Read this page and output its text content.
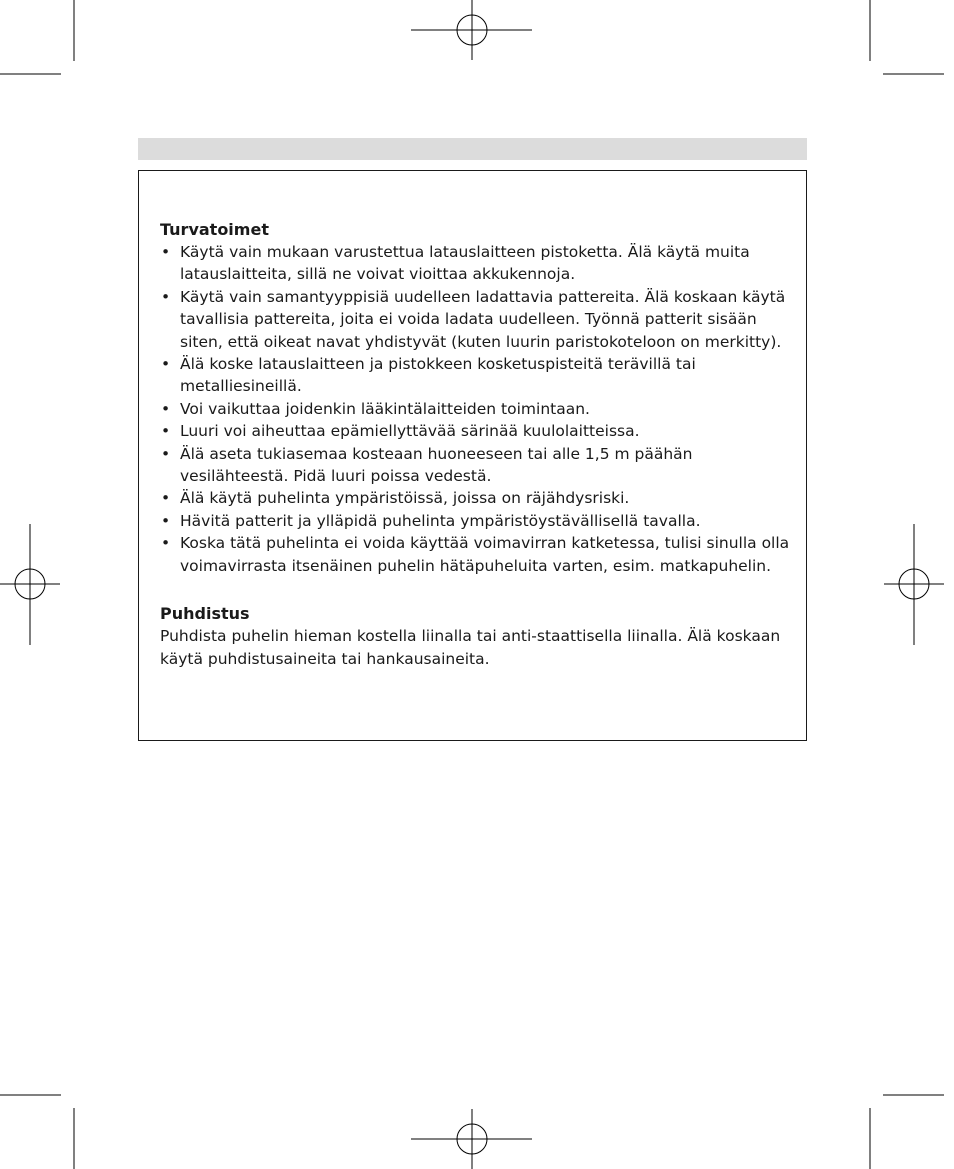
Turvatoimet
• Käytä vain mukaan varustettua latauslaitteen pistoketta. Älä käytä muita latauslaitteita, sillä ne voivat vioittaa akkukennoja.
• Käytä vain samantyyppisiä uudelleen ladattavia pattereita. Älä koskaan käytä tavallisia pattereita, joita ei voida ladata uudelleen. Työnnä patterit sisään siten, että oikeat navat yhdistyvät (kuten luurin paristokoteloon on merkitty).
• Älä koske latauslaitteen ja pistokkeen kosketuspisteitä terävillä tai metalliesineillä.
• Voi vaikuttaa joidenkin lääkintälaitteiden toimintaan.
• Luuri voi aiheuttaa epämiellyttävää särinää kuulolaitteissa.
• Älä aseta tukiasemaa kosteaan huoneeseen tai alle 1,5 m päähän vesilähteestä. Pidä luuri poissa vedestä.
• Älä käytä puhelinta ympäristöissä, joissa on räjähdysriski.
• Hävitä patterit ja ylläpidä puhelinta ympäristöystävällisellä tavalla.
• Koska tätä puhelinta ei voida käyttää voimavirran katketessa, tulisi sinulla olla voimavirrasta itsenäinen puhelin hätäpuheluita varten, esim. matkapuhelin.
Puhdistus

Puhdista puhelin hieman kostella liinalla tai anti-staattisella liinalla. Älä koskaan käytä puhdistusaineita tai hankausaineita.
